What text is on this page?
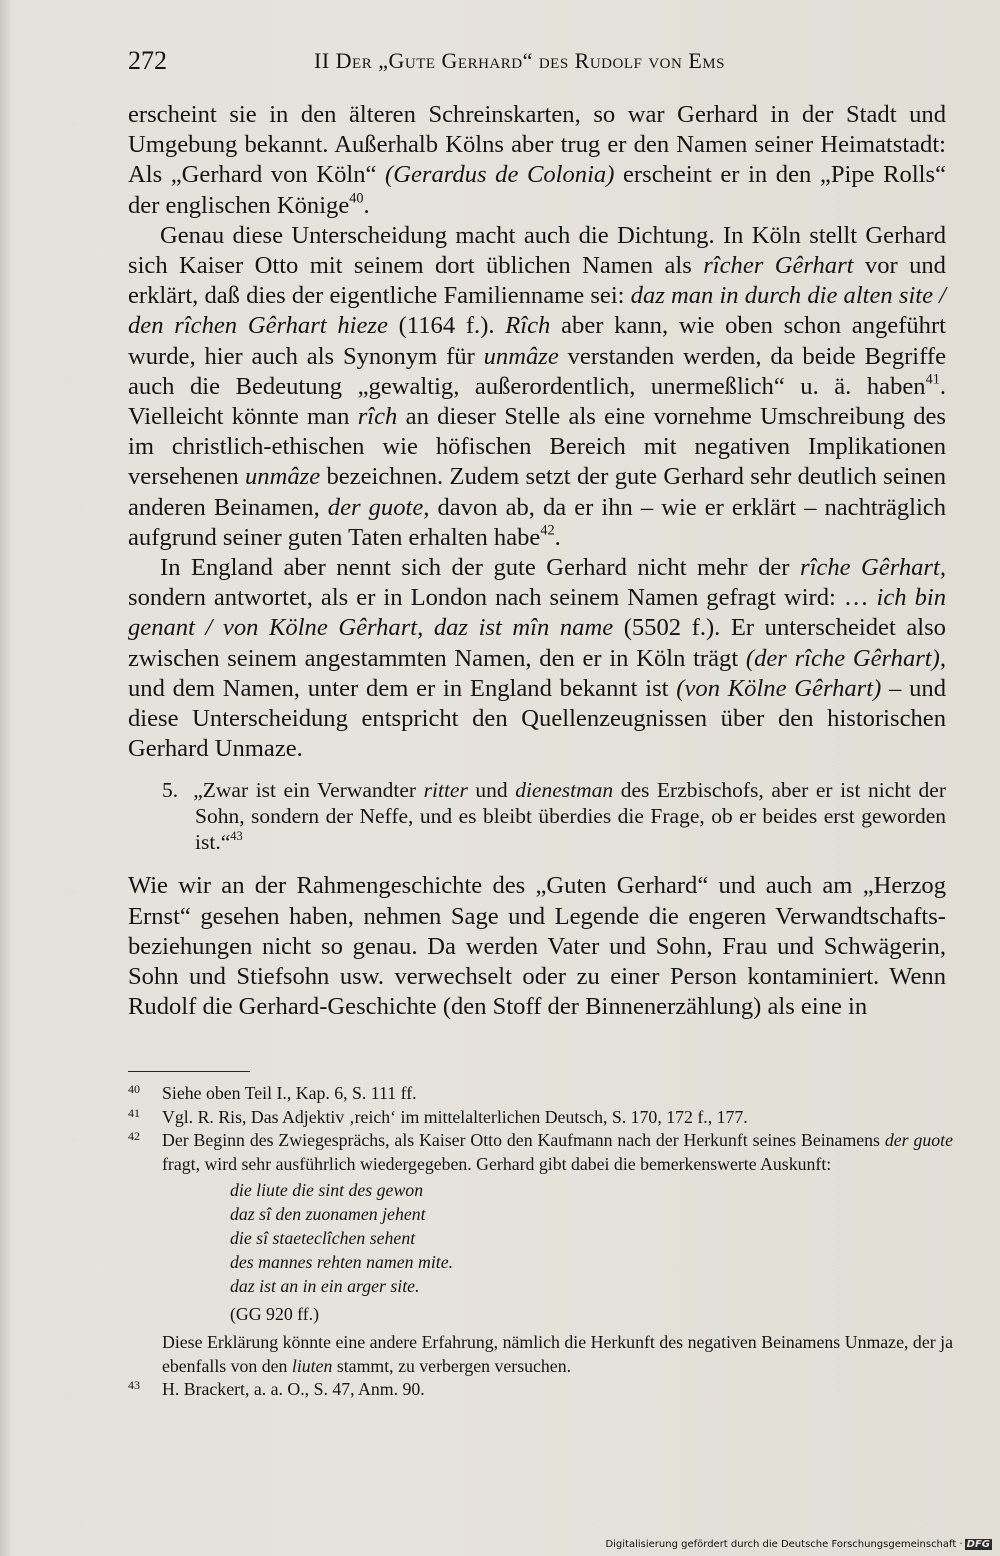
272	II Der „Gute Gerhard“ des Rudolf von Ems

erscheint sie in den älteren Schreinskarten, so war Gerhard in der Stadt und Umgebung bekannt. Außerhalb Kölns aber trug er den Namen seiner Heimatstadt: Als „Gerhard von Köln“ (Gerardus de Colonia) erscheint er in den „Pipe Rolls“ der englischen Könige$^{40}$.

Genau diese Unterscheidung macht auch die Dichtung. In Köln stellt Gerhard sich Kaiser Otto mit seinem dort üblichen Namen als rîcher Gêrhart vor und erklärt, daß dies der eigentliche Familienname sei: daz man in durch die alten site / den rîchen Gêrhart hieze (1164 f.). Rîch aber kann, wie oben schon angeführt wurde, hier auch als Synonym für unmâze verstanden werden, da beide Begriffe auch die Bedeutung „gewaltig, außerordentlich, unermeßlich“ u. ä. haben$^{41}$. Vielleicht könnte man rîch an dieser Stelle als eine vornehme Umschreibung des im christlich-ethischen wie höfischen Bereich mit negativen Implikationen versehenen unmâze bezeichnen. Zudem setzt der gute Gerhard sehr deutlich seinen anderen Beinamen, der guote, davon ab, da er ihn – wie er erklärt – nachträglich aufgrund seiner guten Taten erhalten habe$^{42}$.

In England aber nennt sich der gute Gerhard nicht mehr der rîche Gêrhart, sondern antwortet, als er in London nach seinem Namen gefragt wird: … ich bin genant / von Kölne Gêrhart, daz ist mîn name (5502 f.). Er unterscheidet also zwischen seinem angestammten Namen, den er in Köln trägt (der rîche Gêrhart), und dem Namen, unter dem er in England bekannt ist (von Kölne Gêrhart) – und diese Unterscheidung entspricht den Quellenzeugnissen über den historischen Gerhard Unmaze.

5.  „Zwar ist ein Verwandter ritter und dienestman des Erzbischofs, aber er ist nicht der Sohn, sondern der Neffe, und es bleibt überdies die Frage, ob er beides erst geworden ist.“$^{43}$

Wie wir an der Rahmengeschichte des „Guten Gerhard“ und auch am „Herzog Ernst“ gesehen haben, nehmen Sage und Legende die engeren Verwandtschaftsbeziehungen nicht so genau. Da werden Vater und Sohn, Frau und Schwägerin, Sohn und Stiefsohn usw. verwechselt oder zu einer Person kontaminiert. Wenn Rudolf die Gerhard-Geschichte (den Stoff der Binnenerzählung) als eine in

40 Siehe oben Teil I., Kap. 6, S. 111 ff.
41 Vgl. R. Ris, Das Adjektiv ‚reich‘ im mittelalterlichen Deutsch, S. 170, 172 f., 177.
42 Der Beginn des Zwiegesprächs, als Kaiser Otto den Kaufmann nach der Herkunft seines Beinamens der guote fragt, wird sehr ausführlich wiedergegeben. Gerhard gibt dabei die bemerkenswerte Auskunft:
die liute die sint des gewon
daz sî den zuonamen jehent
die sî staeteclîchen sehent
des mannes rehten namen mite.
daz ist an in ein arger site.
(GG 920 ff.)
Diese Erklärung könnte eine andere Erfahrung, nämlich die Herkunft des negativen Beinamens Unmaze, der ja ebenfalls von den liuten stammt, zu verbergen versuchen.
43 H. Brackert, a. a. O., S. 47, Anm. 90.
Digitalisierung gefördert durch die Deutsche Forschungsgemeinschaft · DFG
